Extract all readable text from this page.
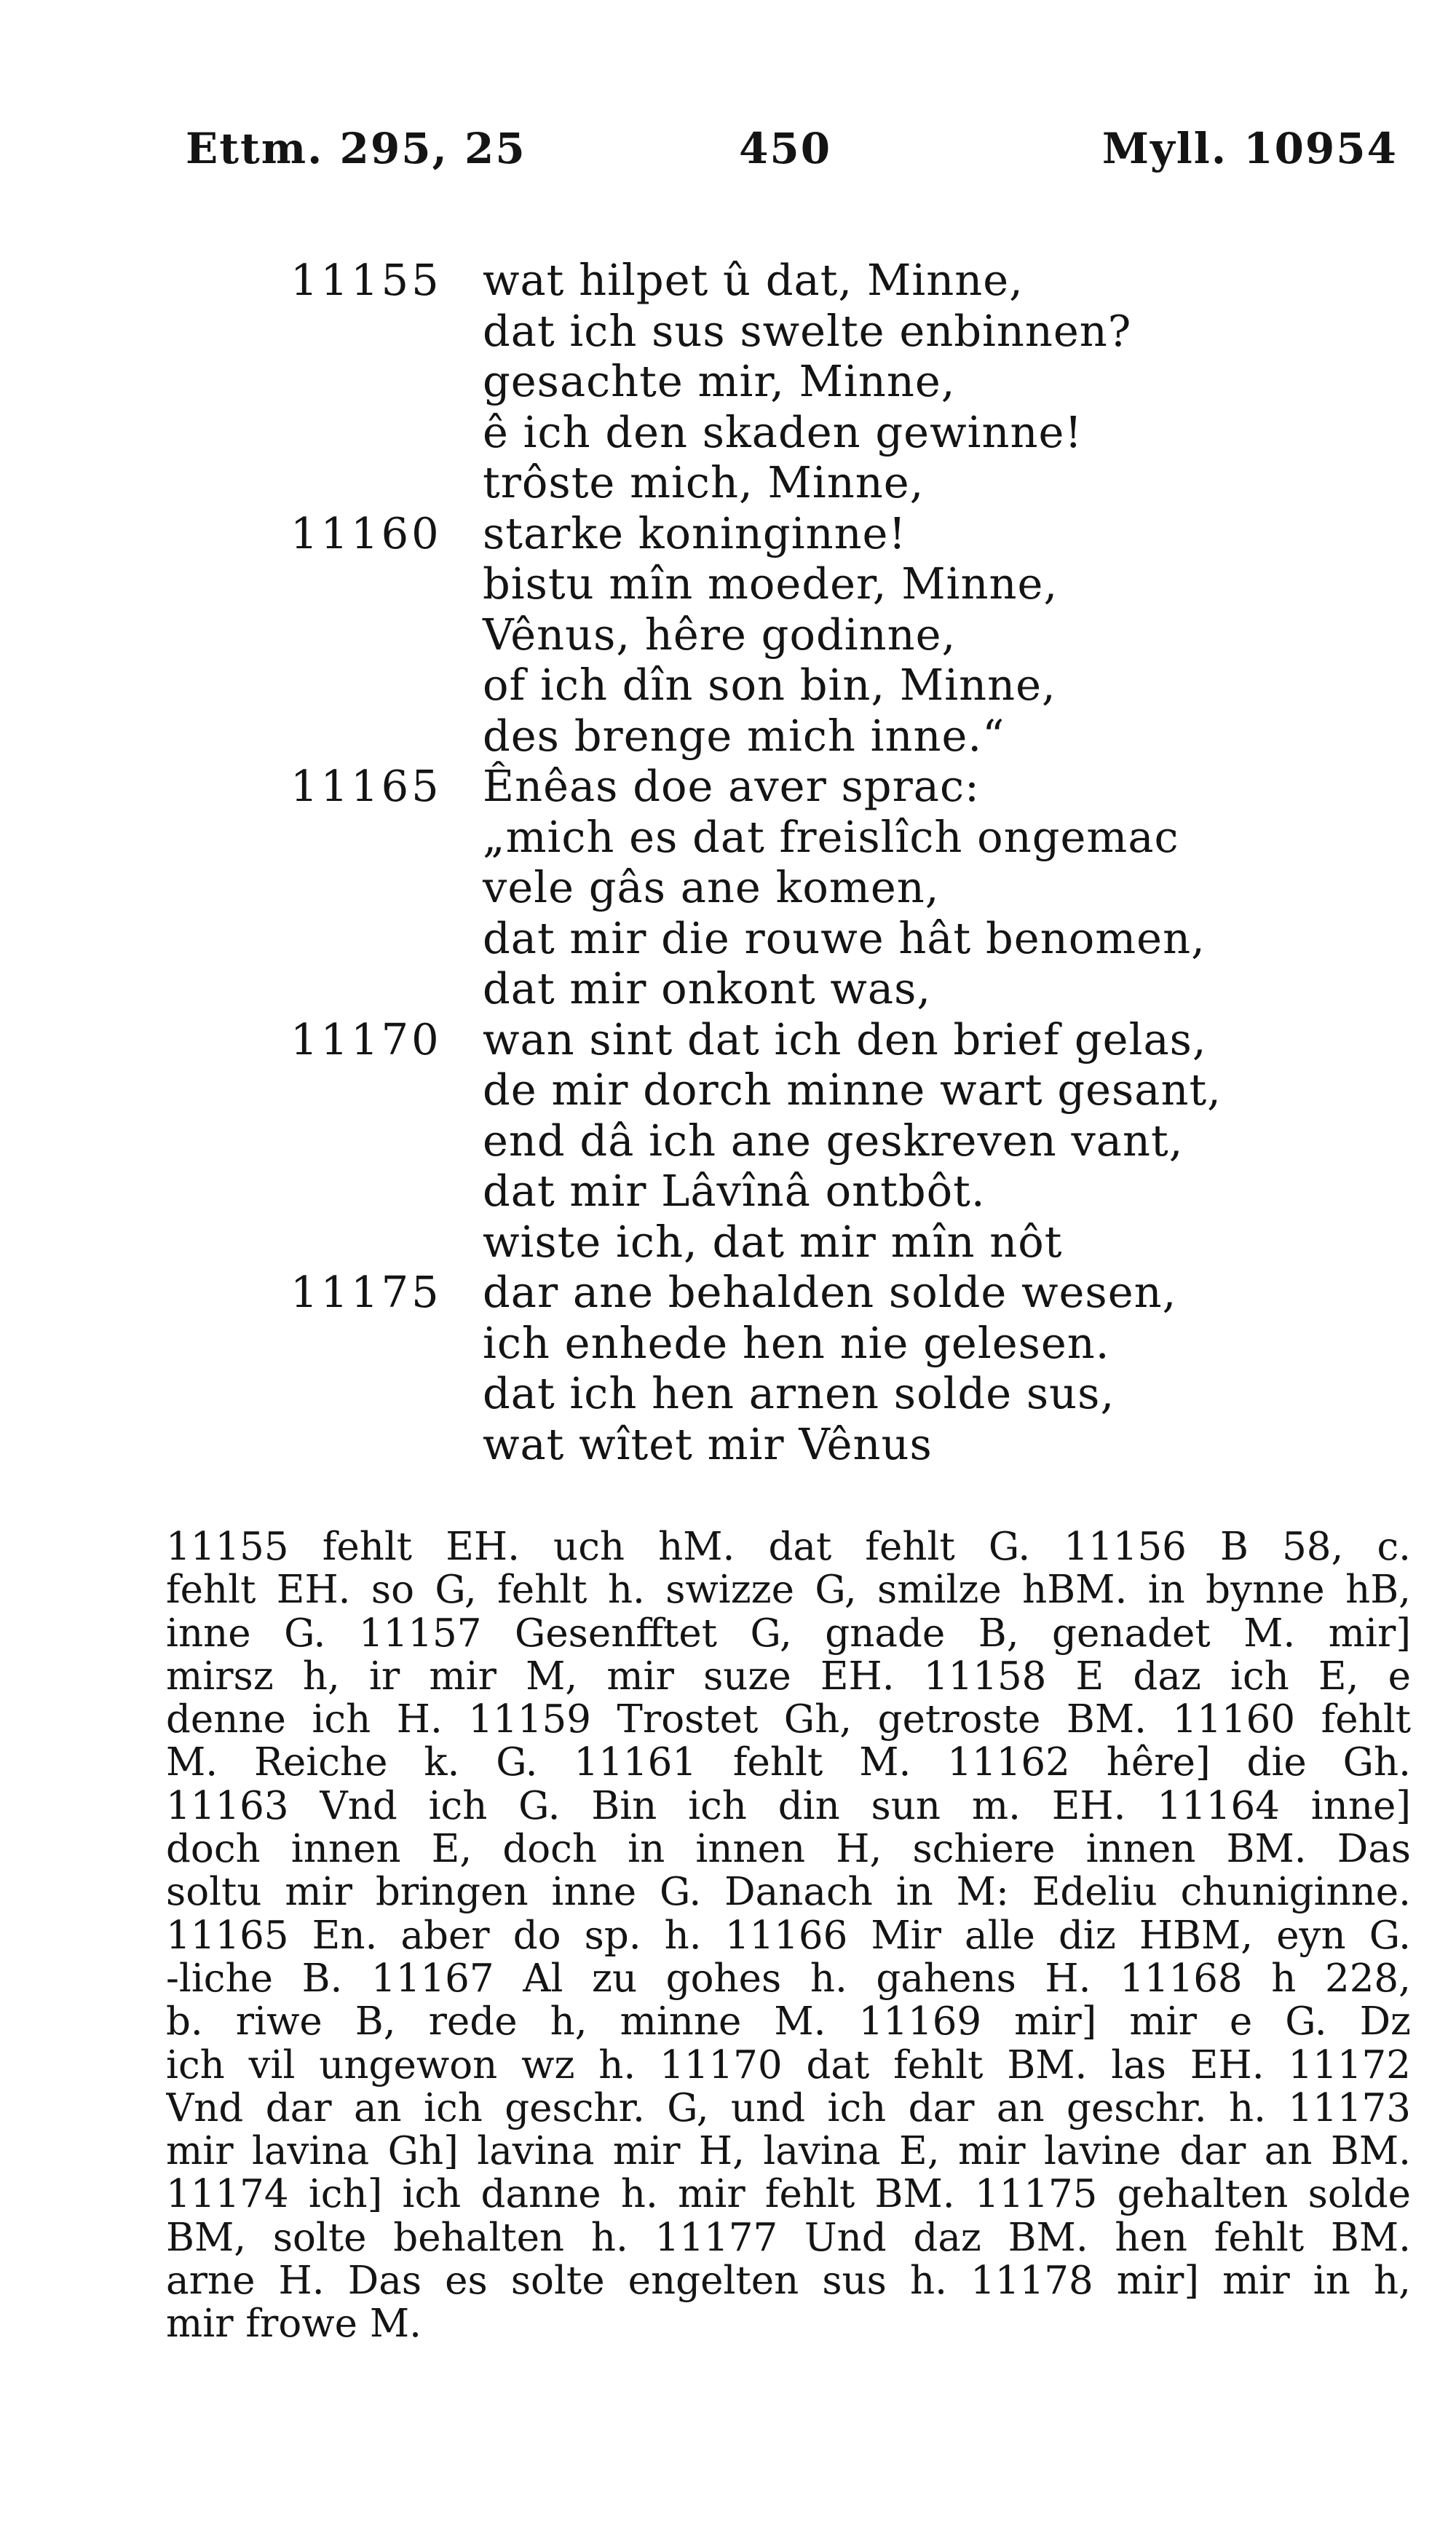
Ettm. 295, 25	450	Myll. 10954
11155 wat hilpet û dat, Minne,
dat ich sus swelte enbinnen?
gesachte mir, Minne,
ê ich den skaden gewinne!
trôste mich, Minne,
11160 starke koninginne!
bistu mîn moeder, Minne,
Vênus, hêre godinne,
of ich dîn son bin, Minne,
des brenge mich inne.“
11165 Ênêas doe aver sprac:
„mich es dat freislîch ongemac
vele gâs ane komen,
dat mir die rouwe hât benomen,
dat mir onkont was,
11170 wan sint dat ich den brief gelas,
de mir dorch minne wart gesant,
end dâ ich ane geskreven vant,
dat mir Lâvînâ ontbôt.
wiste ich, dat mir mîn nôt
11175 dar ane behalden solde wesen,
ich enhede hen nie gelesen.
dat ich hen arnen solde sus,
wat wîtet mir Vênus
11155 fehlt EH. uch hM. dat fehlt G. 11156 B 58, c.
fehlt EH. so G, fehlt h. swizze G, smilze hBM. in bynne hB,
inne G. 11157 Gesenfftet G, gnade B, genadet M. mir]
mirsz h, ir mir M, mir suze EH. 11158 E daz ich E, e
denne ich H. 11159 Trostet Gh, getroste BM. 11160 fehlt
M. Reiche k. G. 11161 fehlt M. 11162 hêre] die Gh.
11163 Vnd ich G. Bin ich din sun m. EH. 11164 inne]
doch innen E, doch in innen H, schiere innen BM. Das
soltu mir bringen inne G. Danach in M: Edeliu chuniginne.
11165 En. aber do sp. h. 11166 Mir alle diz HBM, eyn G.
-liche B. 11167 Al zu gohes h. gahens H. 11168 h 228,
b. riwe B, rede h, minne M. 11169 mir] mir e G. Dz
ich vil ungewon wz h. 11170 dat fehlt BM. las EH. 11172
Vnd dar an ich geschr. G, und ich dar an geschr. h. 11173
mir lavina Gh] lavina mir H, lavina E, mir lavine dar an BM.
11174 ich] ich danne h. mir fehlt BM. 11175 gehalten solde
BM, solte behalten h. 11177 Und daz BM. hen fehlt BM.
arne H. Das es solte engelten sus h. 11178 mir] mir in h,
mir frowe M.
